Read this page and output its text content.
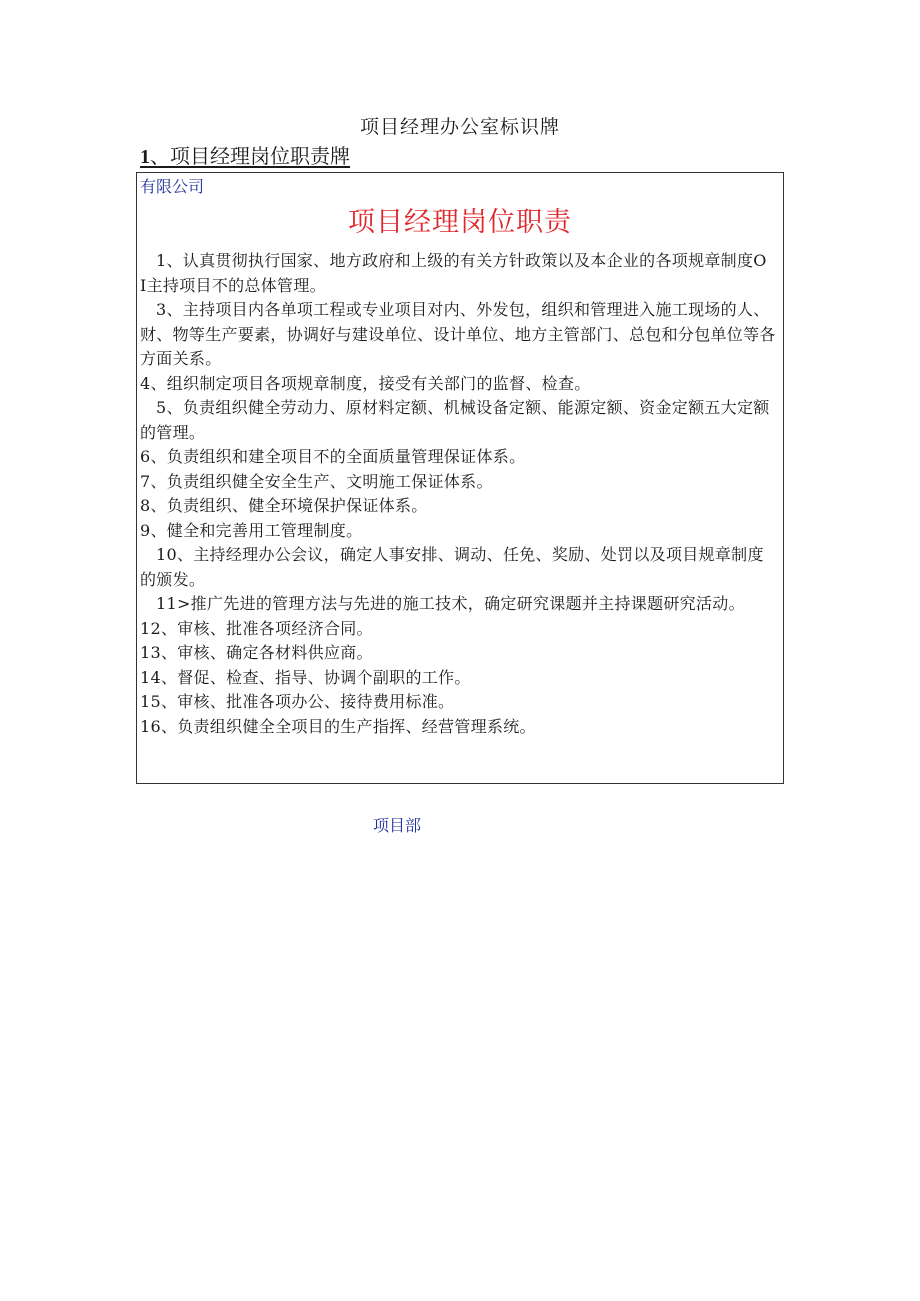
项目经理办公室标识牌
1、项目经理岗位职责牌
有限公司
项目经理岗位职责
1、认真贯彻执行国家、地方政府和上级的有关方针政策以及本企业的各项规章制度O
I主持项目不的总体管理。
3、主持项目内各单项工程或专业项目对内、外发包，组织和管理进入施工现场的人、财、物等生产要素，协调好与建设单位、设计单位、地方主管部门、总包和分包单位等各方面关系。
4、组织制定项目各项规章制度，接受有关部门的监督、检查。
5、负责组织健全劳动力、原材料定额、机械设备定额、能源定额、资金定额五大定额的管理。
6、负责组织和建全项目不的全面质量管理保证体系。
7、负责组织健全安全生产、文明施工保证体系。
8、负责组织、健全环境保护保证体系。
9、健全和完善用工管理制度。
10、主持经理办公会议，确定人事安排、调动、任免、奖励、处罚以及项目规章制度的颁发。
11>推广先进的管理方法与先进的施工技术，确定研究课题并主持课题研究活动。
12、审核、批准各项经济合同。
13、审核、确定各材料供应商。
14、督促、检查、指导、协调个副职的工作。
15、审核、批准各项办公、接待费用标准。
16、负责组织健全全项目的生产指挥、经营管理系统。
项目部
